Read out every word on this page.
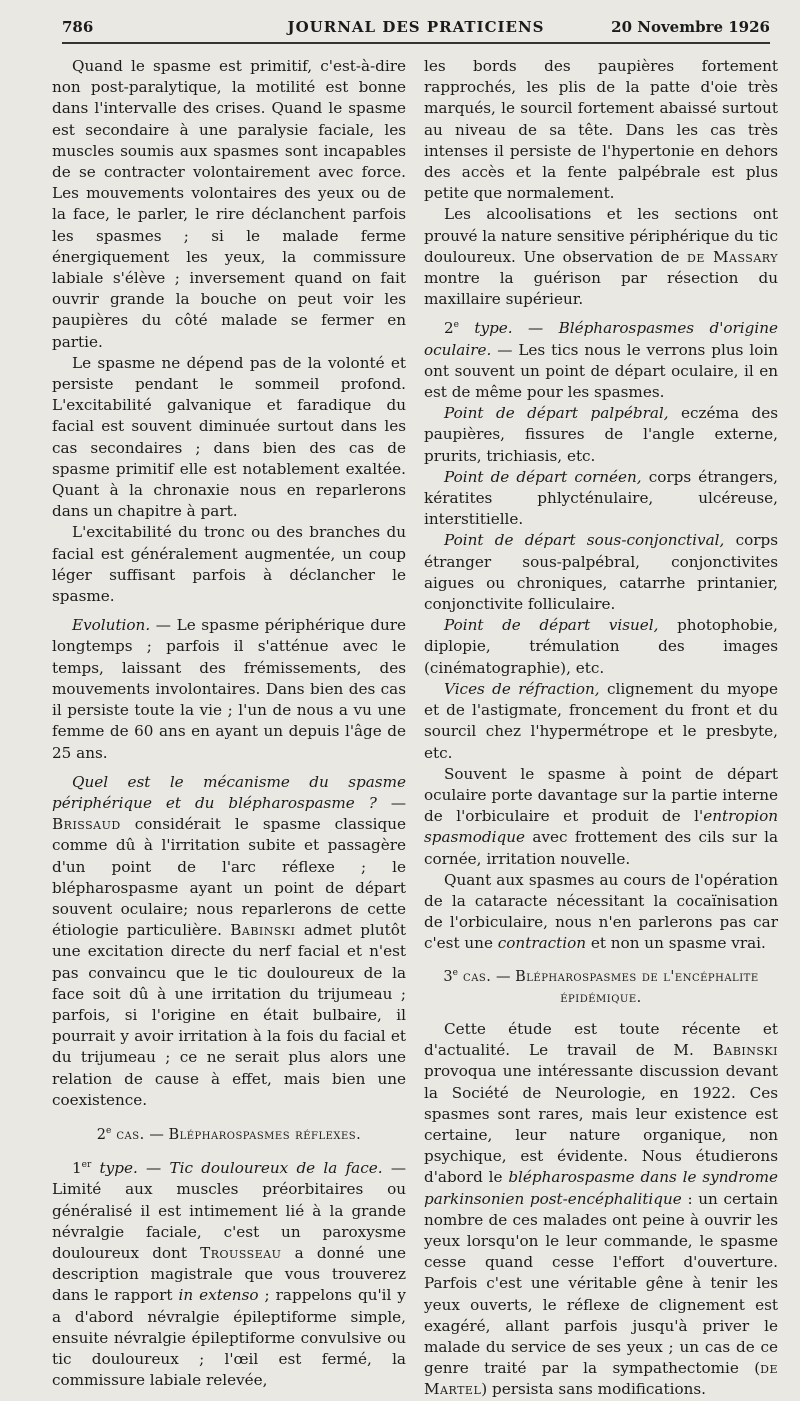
786	JOURNAL DES PRATICIENS	20 Novembre 1926

Quand le spasme est primitif, c'est-à-dire non post-paralytique, la motilité est bonne dans l'intervalle des crises. Quand le spasme est secondaire à une paralysie faciale, les muscles soumis aux spasmes sont incapables de se contracter volontairement avec force. Les mouvements volontaires des yeux ou de la face, le parler, le rire déclanchent parfois les spasmes ; si le malade ferme énergiquement les yeux, la commissure labiale s'élève ; inversement quand on fait ouvrir grande la bouche on peut voir les paupières du côté malade se fermer en partie.

Le spasme ne dépend pas de la volonté et persiste pendant le sommeil profond. L'excitabilité galvanique et faradique du facial est souvent diminuée surtout dans les cas secondaires ; dans bien des cas de spasme primitif elle est notablement exaltée. Quant à la chronaxie nous en reparlerons dans un chapitre à part.

L'excitabilité du tronc ou des branches du facial est généralement augmentée, un coup léger suffisant parfois à déclancher le spasme.

Evolution. — Le spasme périphérique dure longtemps ; parfois il s'atténue avec le temps, laissant des frémissements, des mouvements involontaires. Dans bien des cas il persiste toute la vie ; l'un de nous a vu une femme de 60 ans en ayant un depuis l'âge de 25 ans.

Quel est le mécanisme du spasme périphérique et du blépharospasme ? — Brissaud considérait le spasme classique comme dû à l'irritation subite et passagère d'un point de l'arc réflexe ; le blépharospasme ayant un point de départ souvent oculaire; nous reparlerons de cette étiologie particulière. Babinski admet plutôt une excitation directe du nerf facial et n'est pas convaincu que le tic douloureux de la face soit dû à une irritation du trijumeau ; parfois, si l'origine en était bulbaire, il pourrait y avoir irritation à la fois du facial et du trijumeau ; ce ne serait plus alors une relation de cause à effet, mais bien une coexistence.

2e cas. — Blépharospasmes réflexes.

1er type. — Tic douloureux de la face. — Limité aux muscles préorbitaires ou généralisé il est intimement lié à la grande névralgie faciale, c'est un paroxysme douloureux dont Trousseau a donné une description magistrale que vous trouverez dans le rapport in extenso ; rappelons qu'il y a d'abord névralgie épileptiforme simple, ensuite névralgie épileptiforme convulsive ou tic douloureux ; l'œil est fermé, la commissure labiale relevée,

les bords des paupières fortement rapprochés, les plis de la patte d'oie très marqués, le sourcil fortement abaissé surtout au niveau de sa tête. Dans les cas très intenses il persiste de l'hypertonie en dehors des accès et la fente palpébrale est plus petite que normalement.

Les alcoolisations et les sections ont prouvé la nature sensitive périphérique du tic douloureux. Une observation de de Massary montre la guérison par résection du maxillaire supérieur.

2e type. — Blépharospasmes d'origine oculaire. — Les tics nous le verrons plus loin ont souvent un point de départ oculaire, il en est de même pour les spasmes.

Point de départ palpébral, eczéma des paupières, fissures de l'angle externe, prurits, trichiasis, etc.

Point de départ cornéen, corps étrangers, kératites phlycténulaire, ulcéreuse, interstitielle.

Point de départ sous-conjonctival, corps étranger sous-palpébral, conjonctivites aigues ou chroniques, catarrhe printanier, conjonctivite folliculaire.

Point de départ visuel, photophobie, diplopie, trémulation des images (cinématographie), etc.

Vices de réfraction, clignement du myope et de l'astigmate, froncement du front et du sourcil chez l'hypermétrope et le presbyte, etc.

Souvent le spasme à point de départ oculaire porte davantage sur la partie interne de l'orbiculaire et produit de l'entropion spasmodique avec frottement des cils sur la cornée, irritation nouvelle.

Quant aux spasmes au cours de l'opération de la cataracte nécessitant la cocaïnisation de l'orbiculaire, nous n'en parlerons pas car c'est une contraction et non un spasme vrai.

3e cas. — Blépharospasmes de l'encéphalite épidémique.

Cette étude est toute récente et d'actualité. Le travail de M. Babinski provoqua une intéressante discussion devant la Société de Neurologie, en 1922. Ces spasmes sont rares, mais leur existence est certaine, leur nature organique, non psychique, est évidente. Nous étudierons d'abord le blépharospasme dans le syndrome parkinsonien post-encéphalitique : un certain nombre de ces malades ont peine à ouvrir les yeux lorsqu'on le leur commande, le spasme cesse quand cesse l'effort d'ouverture. Parfois c'est une véritable gêne à tenir les yeux ouverts, le réflexe de clignement est exagéré, allant parfois jusqu'à priver le malade du service de ses yeux ; un cas de ce genre traité par la sympathectomie (de Martel) persista sans modifications.
